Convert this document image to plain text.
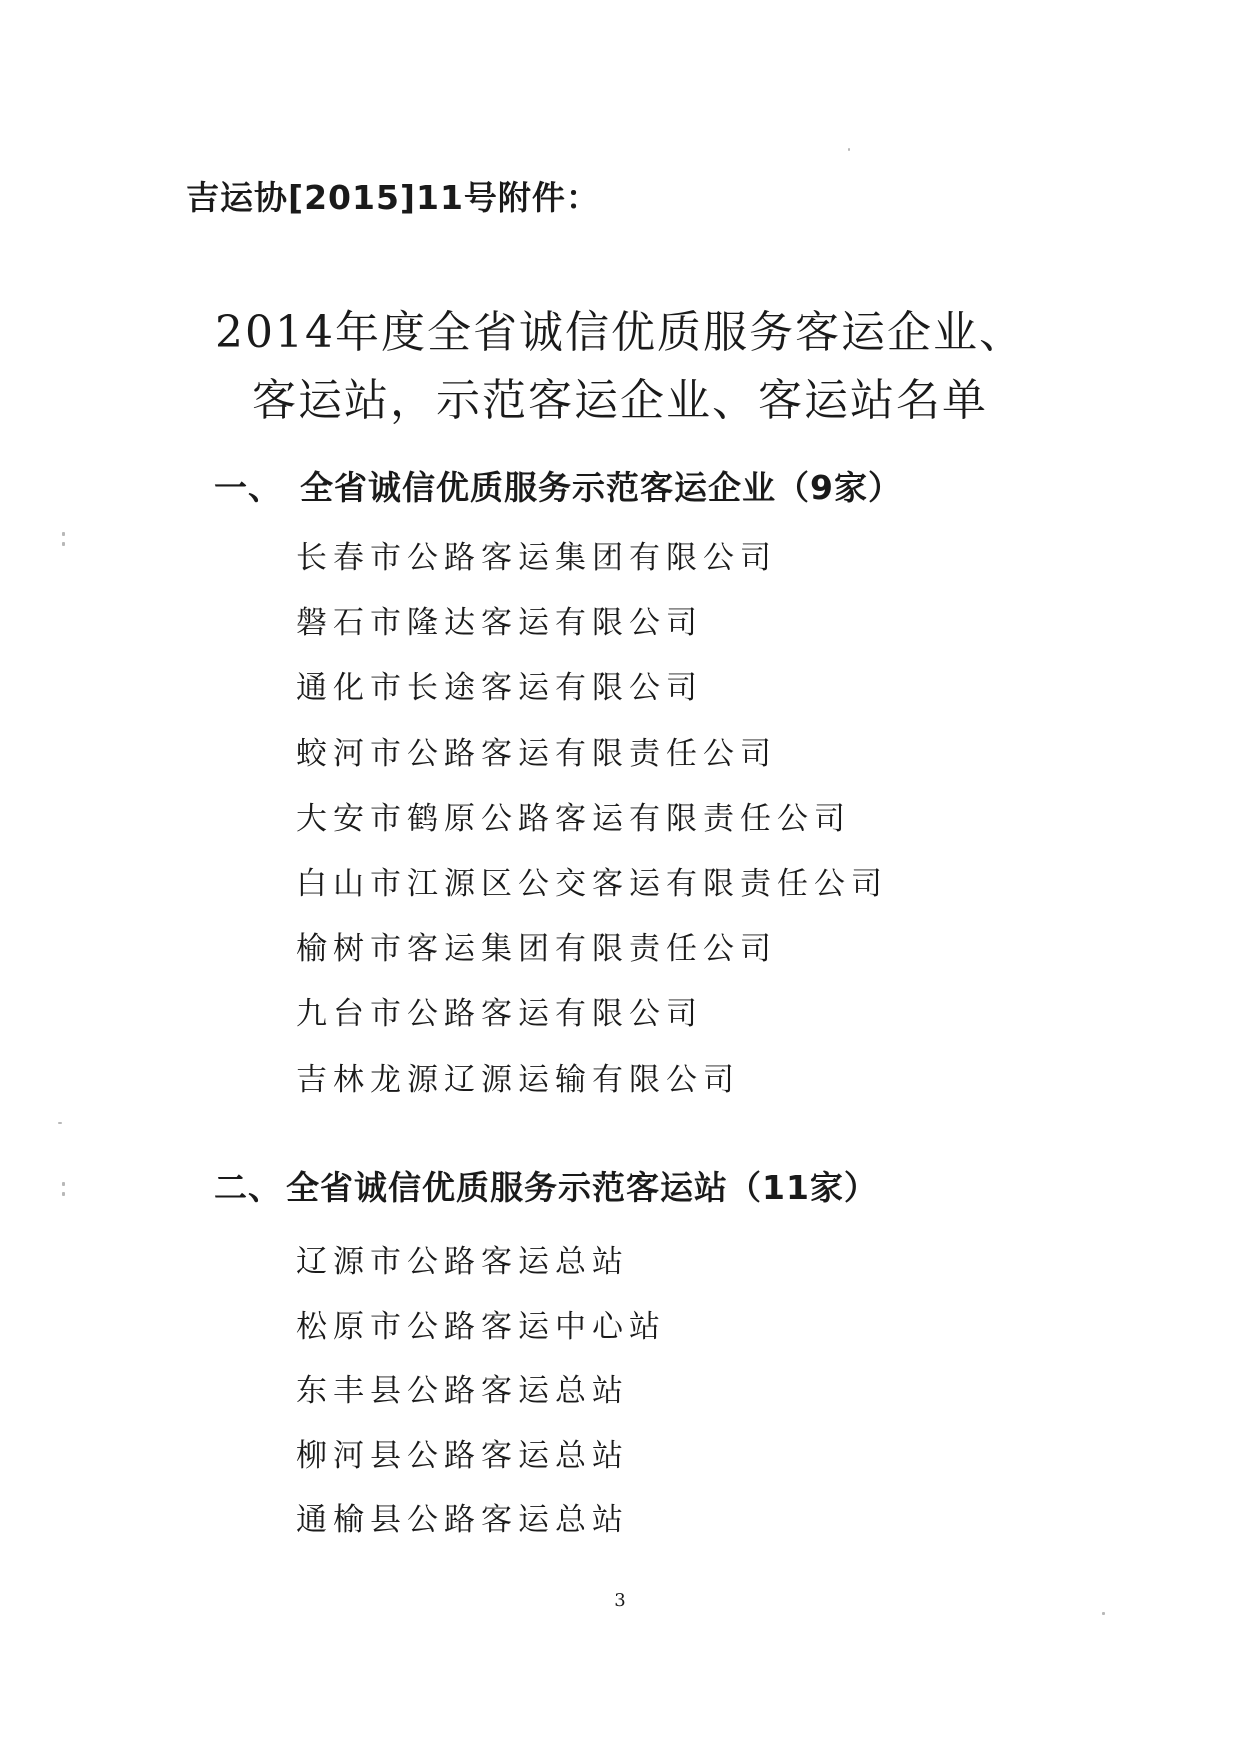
吉运协[2015]11号附件：
2014年度全省诚信优质服务客运企业、
客运站，示范客运企业、客运站名单
一、 全省诚信优质服务示范客运企业（9家）
长春市公路客运集团有限公司
磐石市隆达客运有限公司
通化市长途客运有限公司
蛟河市公路客运有限责任公司
大安市鹤原公路客运有限责任公司
白山市江源区公交客运有限责任公司
榆树市客运集团有限责任公司
九台市公路客运有限公司
吉林龙源辽源运输有限公司
二、 全省诚信优质服务示范客运站（11家）
辽源市公路客运总站
松原市公路客运中心站
东丰县公路客运总站
柳河县公路客运总站
通榆县公路客运总站
3
